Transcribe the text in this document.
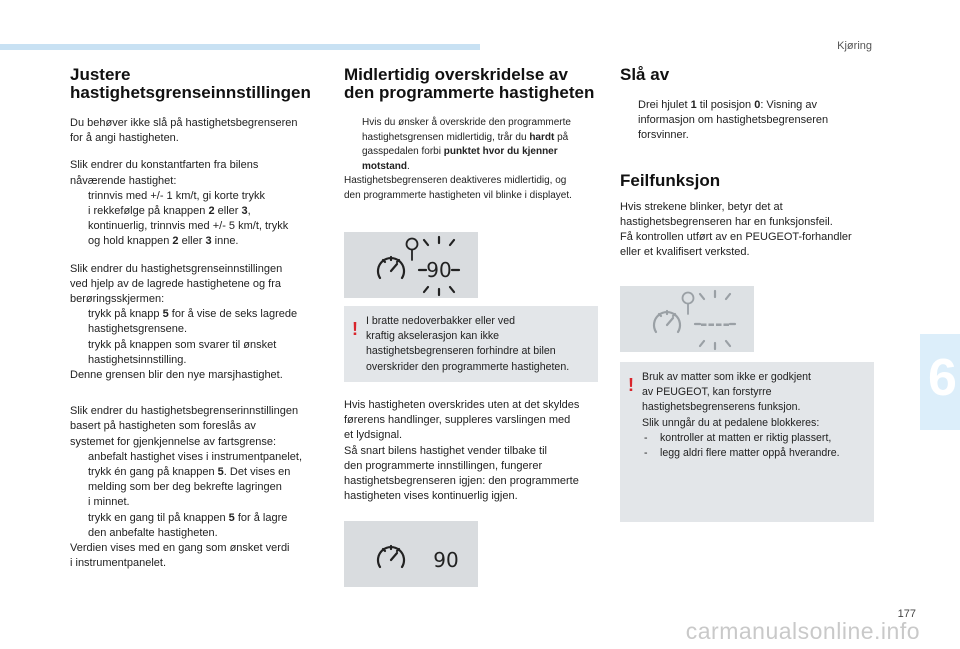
Kjøring
6
177
carmanualsonline.info
Justere
hastighetsgrenseinnstillingen
Du behøver ikke slå på hastighetsbegrenseren
for å angi hastigheten.
Slik endrer du konstantfarten fra bilens
nåværende hastighet:
trinnvis med +/- 1 km/t, gi korte trykk
i rekkefølge på knappen 2 eller 3,
kontinuerlig, trinnvis med +/- 5 km/t, trykk
og hold knappen 2 eller 3 inne.
Slik endrer du hastighetsgrenseinnstillingen
ved hjelp av de lagrede hastighetene og fra
berøringsskjermen:
trykk på knapp 5 for å vise de seks lagrede
hastighetsgrensene.
trykk på knappen som svarer til ønsket
hastighetsinnstilling.
Denne grensen blir den nye marsjhastighet.
Slik endrer du hastighetsbegrenserinnstillingen
basert på hastigheten som foreslås av
systemet for gjenkjennelse av fartsgrense:
anbefalt hastighet vises i instrumentpanelet,
trykk én gang på knappen 5. Det vises en
melding som ber deg bekrefte lagringen
i minnet.
trykk en gang til på knappen 5 for å lagre
den anbefalte hastigheten.
Verdien vises med en gang som ønsket verdi
i instrumentpanelet.
Midlertidig overskridelse av
den programmerte hastigheten
Hvis du ønsker å overskride den programmerte
hastighetsgrensen midlertidig, trår du hardt på
gasspedalen forbi punktet hvor du kjenner
motstand.
Hastighetsbegrenseren deaktiveres midlertidig, og
den programmerte hastigheten vil blinke i displayet.
90
! I bratte nedoverbakker eller ved
kraftig akselerasjon kan ikke
hastighetsbegrenseren forhindre at bilen
overskrider den programmerte hastigheten.
Hvis hastigheten overskrides uten at det skyldes
førerens handlinger, suppleres varslingen med
et lydsignal.
Så snart bilens hastighet vender tilbake til
den programmerte innstillingen, fungerer
hastighetsbegrenseren igjen: den programmerte
hastigheten vises kontinuerlig igjen.
90
Slå av
Drei hjulet 1 til posisjon 0: Visning av
informasjon om hastighetsbegrenseren
forsvinner.
Feilfunksjon
Hvis strekene blinker, betyr det at
hastighetsbegrenseren har en funksjonsfeil.
Få kontrollen utført av en PEUGEOT-forhandler
eller et kvalifisert verksted.
----
! Bruk av matter som ikke er godkjent
av PEUGEOT, kan forstyrre
hastighetsbegrenserens funksjon.
Slik unngår du at pedalene blokkeres:
- kontroller at matten er riktig plassert,
- legg aldri flere matter oppå hverandre.
